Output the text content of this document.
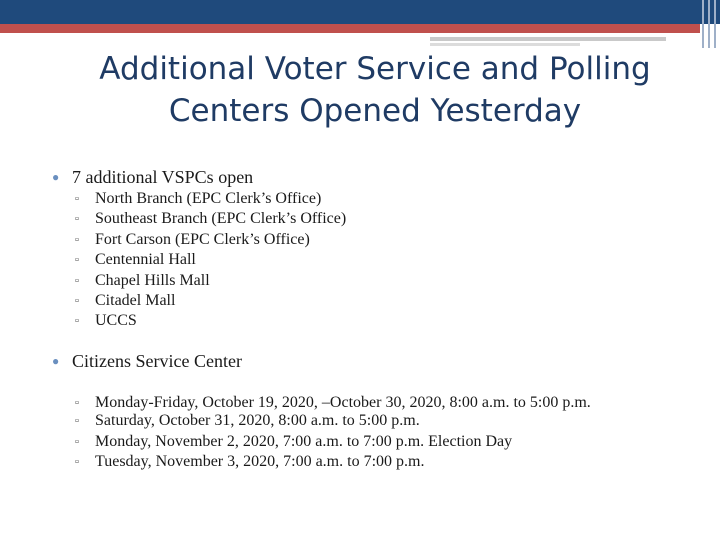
Additional Voter Service and Polling Centers Opened Yesterday
● 7 additional VSPCs open
▫ North Branch (EPC Clerk’s Office)
▫ Southeast Branch (EPC Clerk’s Office)
▫ Fort Carson (EPC Clerk’s Office)
▫ Centennial Hall
▫ Chapel Hills Mall
▫ Citadel Mall
▫ UCCS
● Citizens Service Center
▫ Monday-Friday, October 19, 2020, –October 30, 2020, 8:00 a.m. to 5:00 p.m.
▫ Saturday, October 31, 2020, 8:00 a.m. to 5:00 p.m.
▫ Monday, November 2, 2020, 7:00 a.m. to 7:00 p.m. Election Day
▫ Tuesday, November 3, 2020, 7:00 a.m. to 7:00 p.m.
